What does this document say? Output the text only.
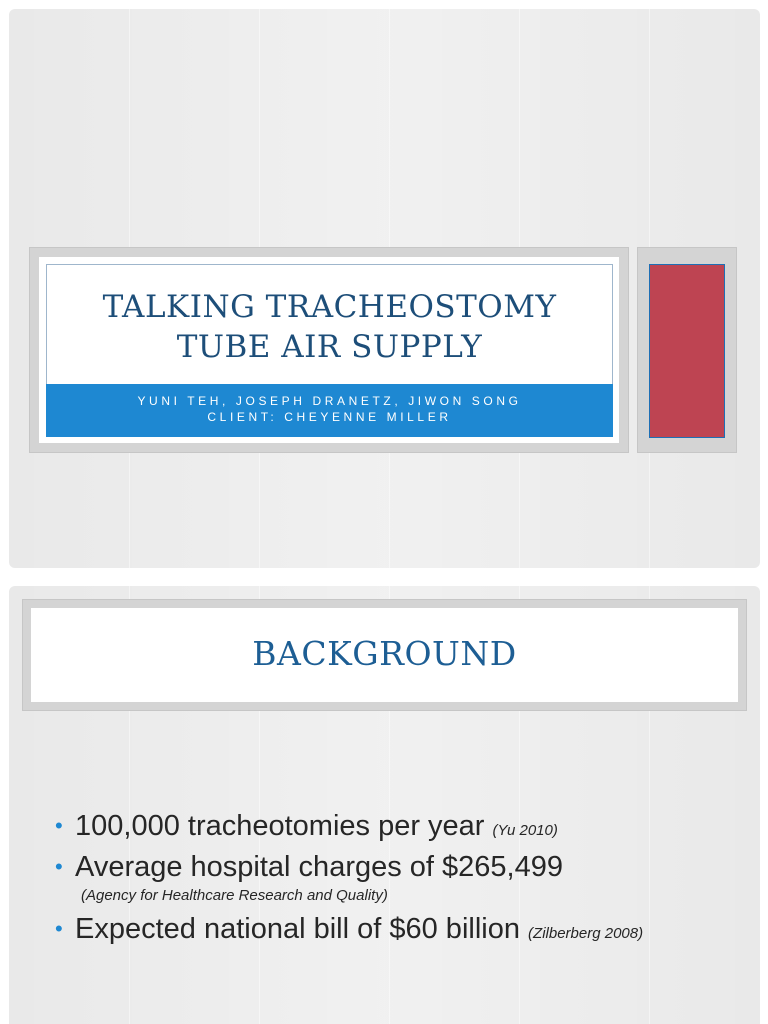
TALKING TRACHEOSTOMY
TUBE AIR SUPPLY
YUNI TEH, JOSEPH DRANETZ, JIWON SONG
CLIENT: CHEYENNE MILLER
BACKGROUND
• 100,000 tracheotomies per year (Yu 2010)
• Average hospital charges of $265,499
(Agency for Healthcare Research and Quality)
• Expected national bill of $60 billion (Zilberberg 2008)
